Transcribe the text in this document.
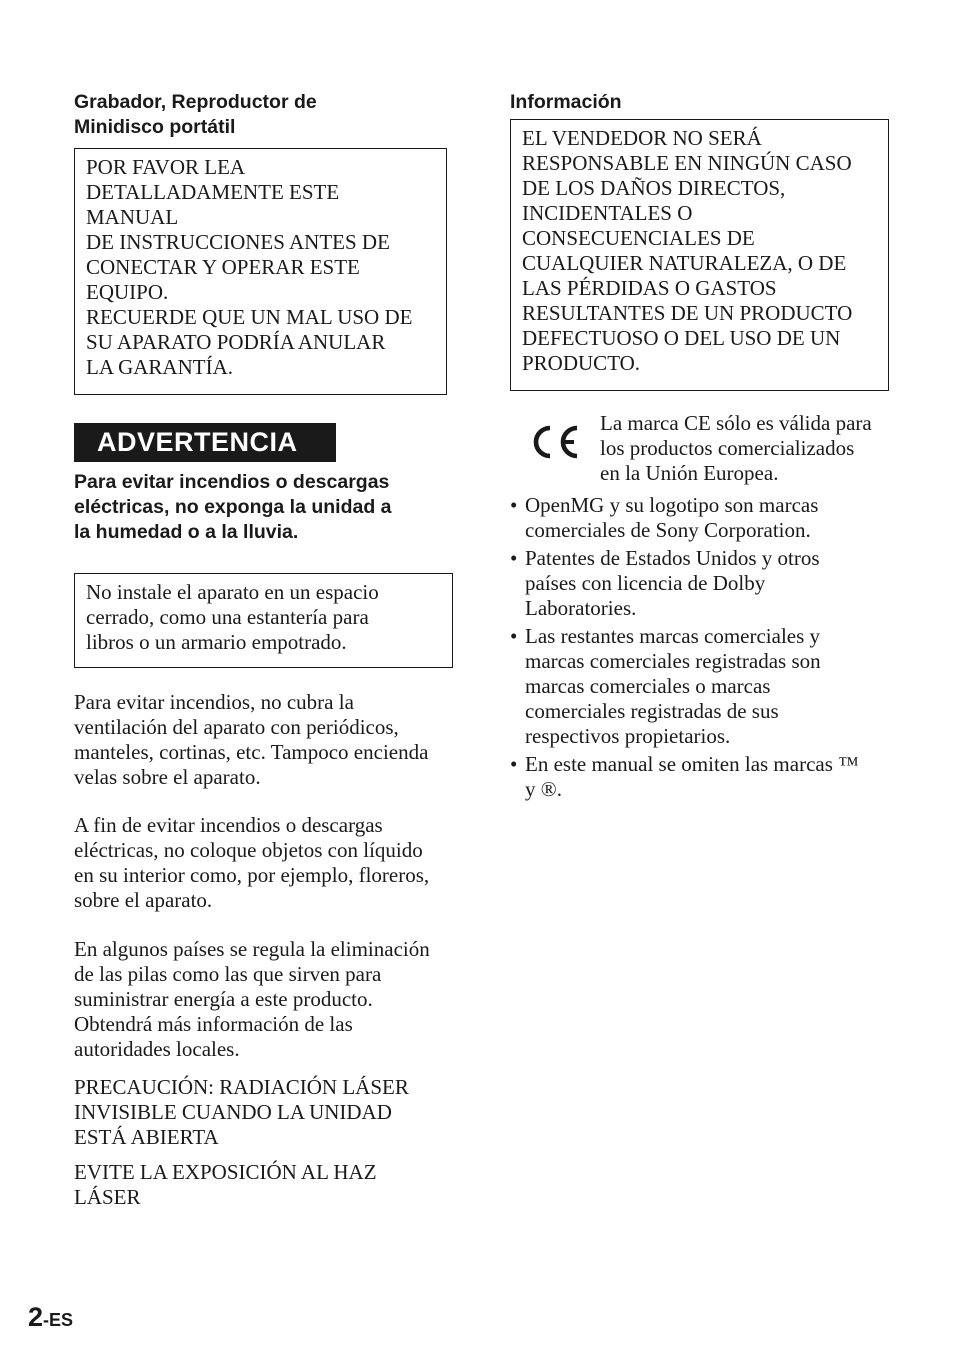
Grabador, Reproductor de
Minidisco portátil

POR FAVOR LEA
DETALLADAMENTE ESTE MANUAL
DE INSTRUCCIONES ANTES DE
CONECTAR Y OPERAR ESTE
EQUIPO.
RECUERDE QUE UN MAL USO DE
SU APARATO PODRÍA ANULAR
LA GARANTÍA.

ADVERTENCIA

Para evitar incendios o descargas
eléctricas, no exponga la unidad a
la humedad o a la lluvia.

No instale el aparato en un espacio
cerrado, como una estantería para
libros o un armario empotrado.

Para evitar incendios, no cubra la
ventilación del aparato con periódicos,
manteles, cortinas, etc. Tampoco encienda
velas sobre el aparato.

A fin de evitar incendios o descargas
eléctricas, no coloque objetos con líquido
en su interior como, por ejemplo, floreros,
sobre el aparato.

En algunos países se regula la eliminación
de las pilas como las que sirven para
suministrar energía a este producto.
Obtendrá más información de las
autoridades locales.

PRECAUCIÓN: RADIACIÓN LÁSER
INVISIBLE CUANDO LA UNIDAD
ESTÁ ABIERTA

EVITE LA EXPOSICIÓN AL HAZ
LÁSER

Información

EL VENDEDOR NO SERÁ
RESPONSABLE EN NINGÚN CASO
DE LOS DAÑOS DIRECTOS,
INCIDENTALES O
CONSECUENCIALES DE
CUALQUIER NATURALEZA, O DE
LAS PÉRDIDAS O GASTOS
RESULTANTES DE UN PRODUCTO
DEFECTUOSO O DEL USO DE UN
PRODUCTO.

La marca CE sólo es válida para
los productos comercializados
en la Unión Europea.

• OpenMG y su logotipo son marcas
comerciales de Sony Corporation.
• Patentes de Estados Unidos y otros
países con licencia de Dolby
Laboratories.
• Las restantes marcas comerciales y
marcas comerciales registradas son
marcas comerciales o marcas
comerciales registradas de sus
respectivos propietarios.
• En este manual se omiten las marcas ™
y ®.
2-ES
